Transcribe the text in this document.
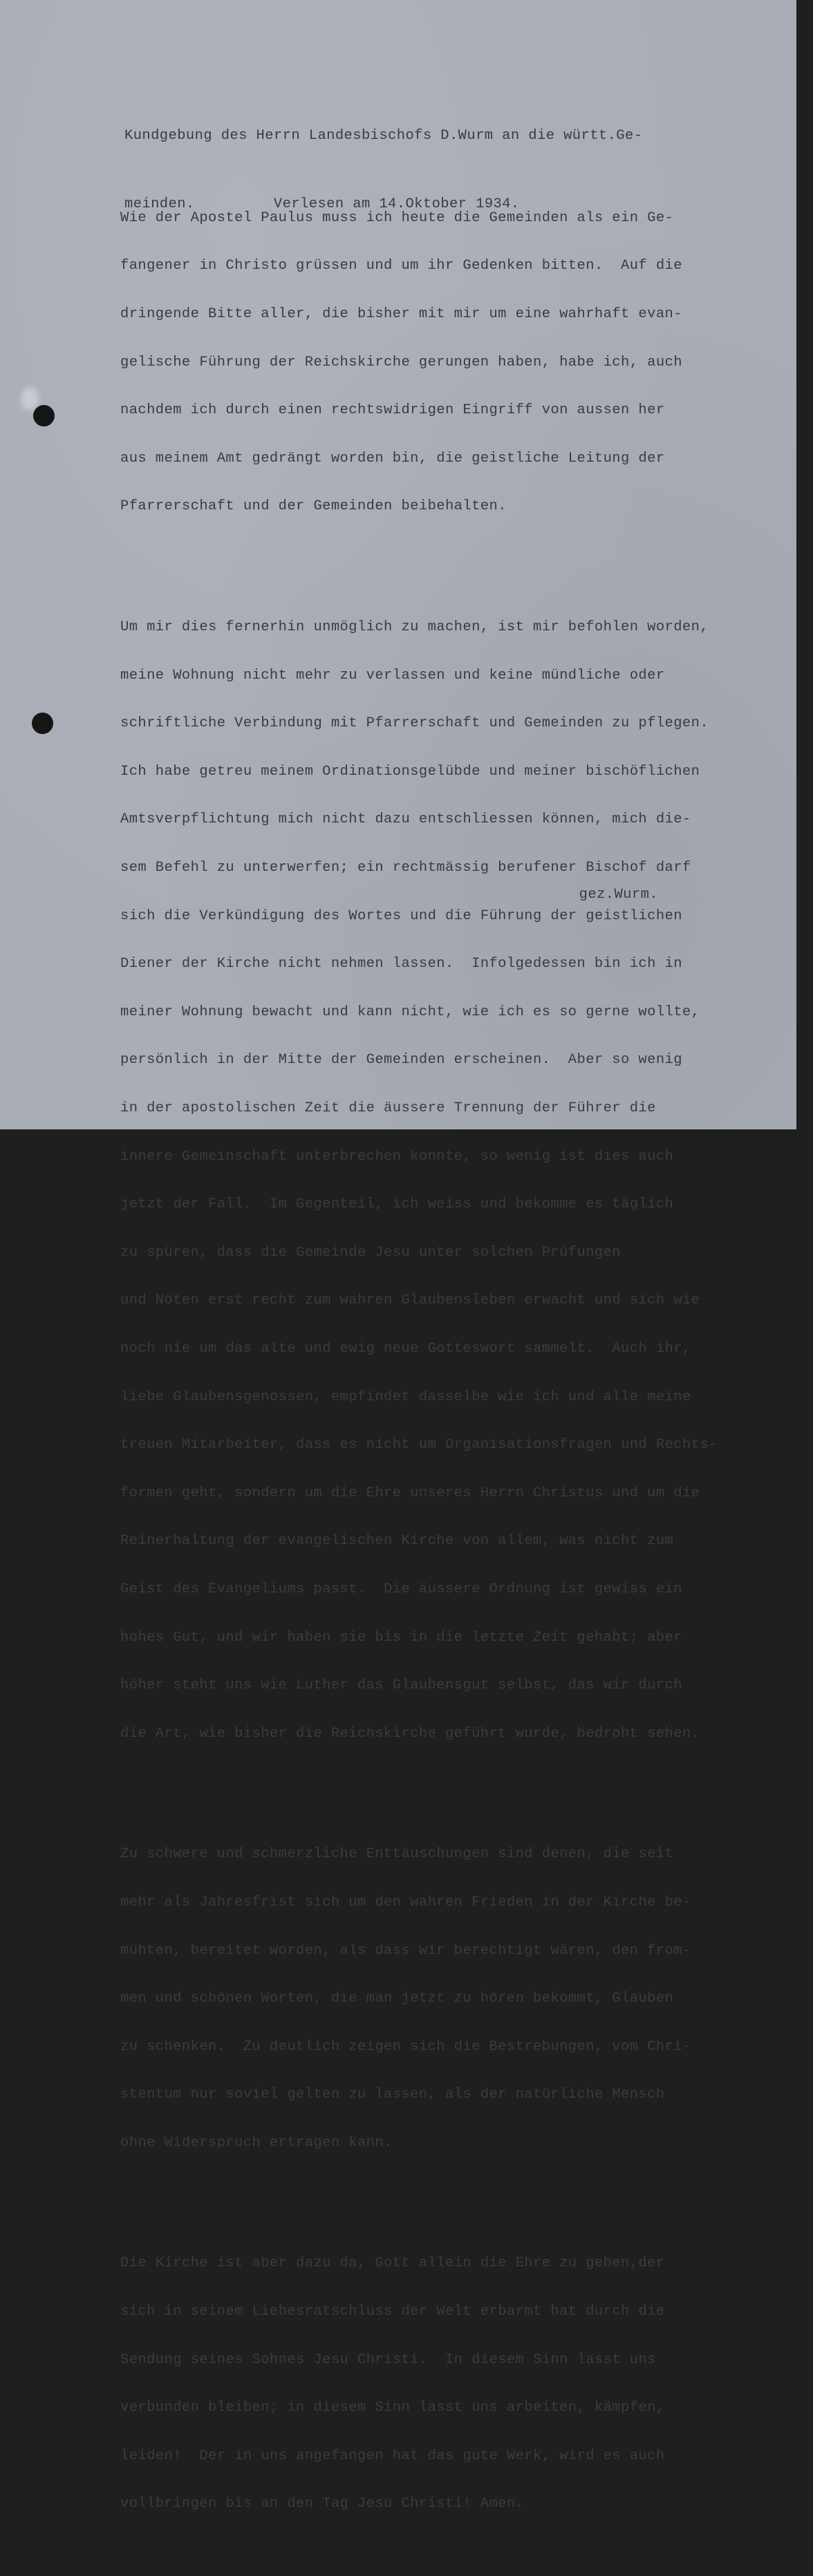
Kundgebung des Herrn Landesbischofs D.Wurm an die württ.Ge-

meinden.         Verlesen am 14.Oktober 1934.

Wie der Apostel Paulus muss ich heute die Gemeinden als ein Ge-

fangener in Christo grüssen und um ihr Gedenken bitten.  Auf die

dringende Bitte aller, die bisher mit mir um eine wahrhaft evan-

gelische Führung der Reichskirche gerungen haben, habe ich, auch

nachdem ich durch einen rechtswidrigen Eingriff von aussen her

aus meinem Amt gedrängt worden bin, die geistliche Leitung der

Pfarrerschaft und der Gemeinden beibehalten.

Um mir dies fernerhin unmöglich zu machen, ist mir befohlen worden,

meine Wohnung nicht mehr zu verlassen und keine mündliche oder

schriftliche Verbindung mit Pfarrerschaft und Gemeinden zu pflegen.

Ich habe getreu meinem Ordinationsgelübde und meiner bischöflichen

Amtsverpflichtung mich nicht dazu entschliessen können, mich die-

sem Befehl zu unterwerfen; ein rechtmässig berufener Bischof darf

sich die Verkündigung des Wortes und die Führung der geistlichen

Diener der Kirche nicht nehmen lassen.  Infolgedessen bin ich in

meiner Wohnung bewacht und kann nicht, wie ich es so gerne wollte,

persönlich in der Mitte der Gemeinden erscheinen.  Aber so wenig

in der apostolischen Zeit die äussere Trennung der Führer die

innere Gemeinschaft unterbrechen konnte, so wenig ist dies auch

jetzt der Fall.  Im Gegenteil, ich weiss und bekomme es täglich

zu spüren, dass die Gemeinde Jesu unter solchen Prüfungen

und Nöten erst recht zum wahren Glaubensleben erwacht und sich wie

noch nie um das alte und ewig neue Gotteswort sammelt.  Auch ihr,

liebe Glaubensgenossen, empfindet dasselbe wie ich und alle meine

treuen Mitarbeiter, dass es nicht um Organisationsfragen und Rechts-

formen geht, sondern um die Ehre unseres Herrn Christus und um die

Reinerhaltung der evangelischen Kirche von allem, was nicht zum

Geist des Evangeliums passt.  Die äussere Ordnung ist gewiss ein

hohes Gut, und wir haben sie bis in die letzte Zeit gehabt; aber

höher steht uns wie Luther das Glaubensgut selbst, das wir durch

die Art, wie bisher die Reichskirche geführt wurde, bedroht sehen.

Zu schwere und schmerzliche Enttäuschungen sind denen, die seit

mehr als Jahresfrist sich um den wahren Frieden in der Kirche be-

mühten, bereitet worden, als dass wir berechtigt wären, den from-

men und schönen Worten, die man jetzt zu hören bekommt, Glauben

zu schenken.  Zu deutlich zeigen sich die Bestrebungen, vom Chri-

stentum nur soviel gelten zu lassen, als der natürliche Mensch

ohne Widerspruch ertragen kann.

Die Kirche ist aber dazu da, Gott allein die Ehre zu geben,der

sich in seinem Liebesratschluss der Welt erbarmt hat durch die

Sendung seines Sohnes Jesu Christi.  In diesem Sinn lasst uns

verbunden bleiben; in diesem Sinn lasst uns arbeiten, kämpfen,

leiden!  Der in uns angefangen hat das gute Werk, wird es auch

vollbringen bis an den Tag Jesu Christi! Amen.

gez.Wurm.
